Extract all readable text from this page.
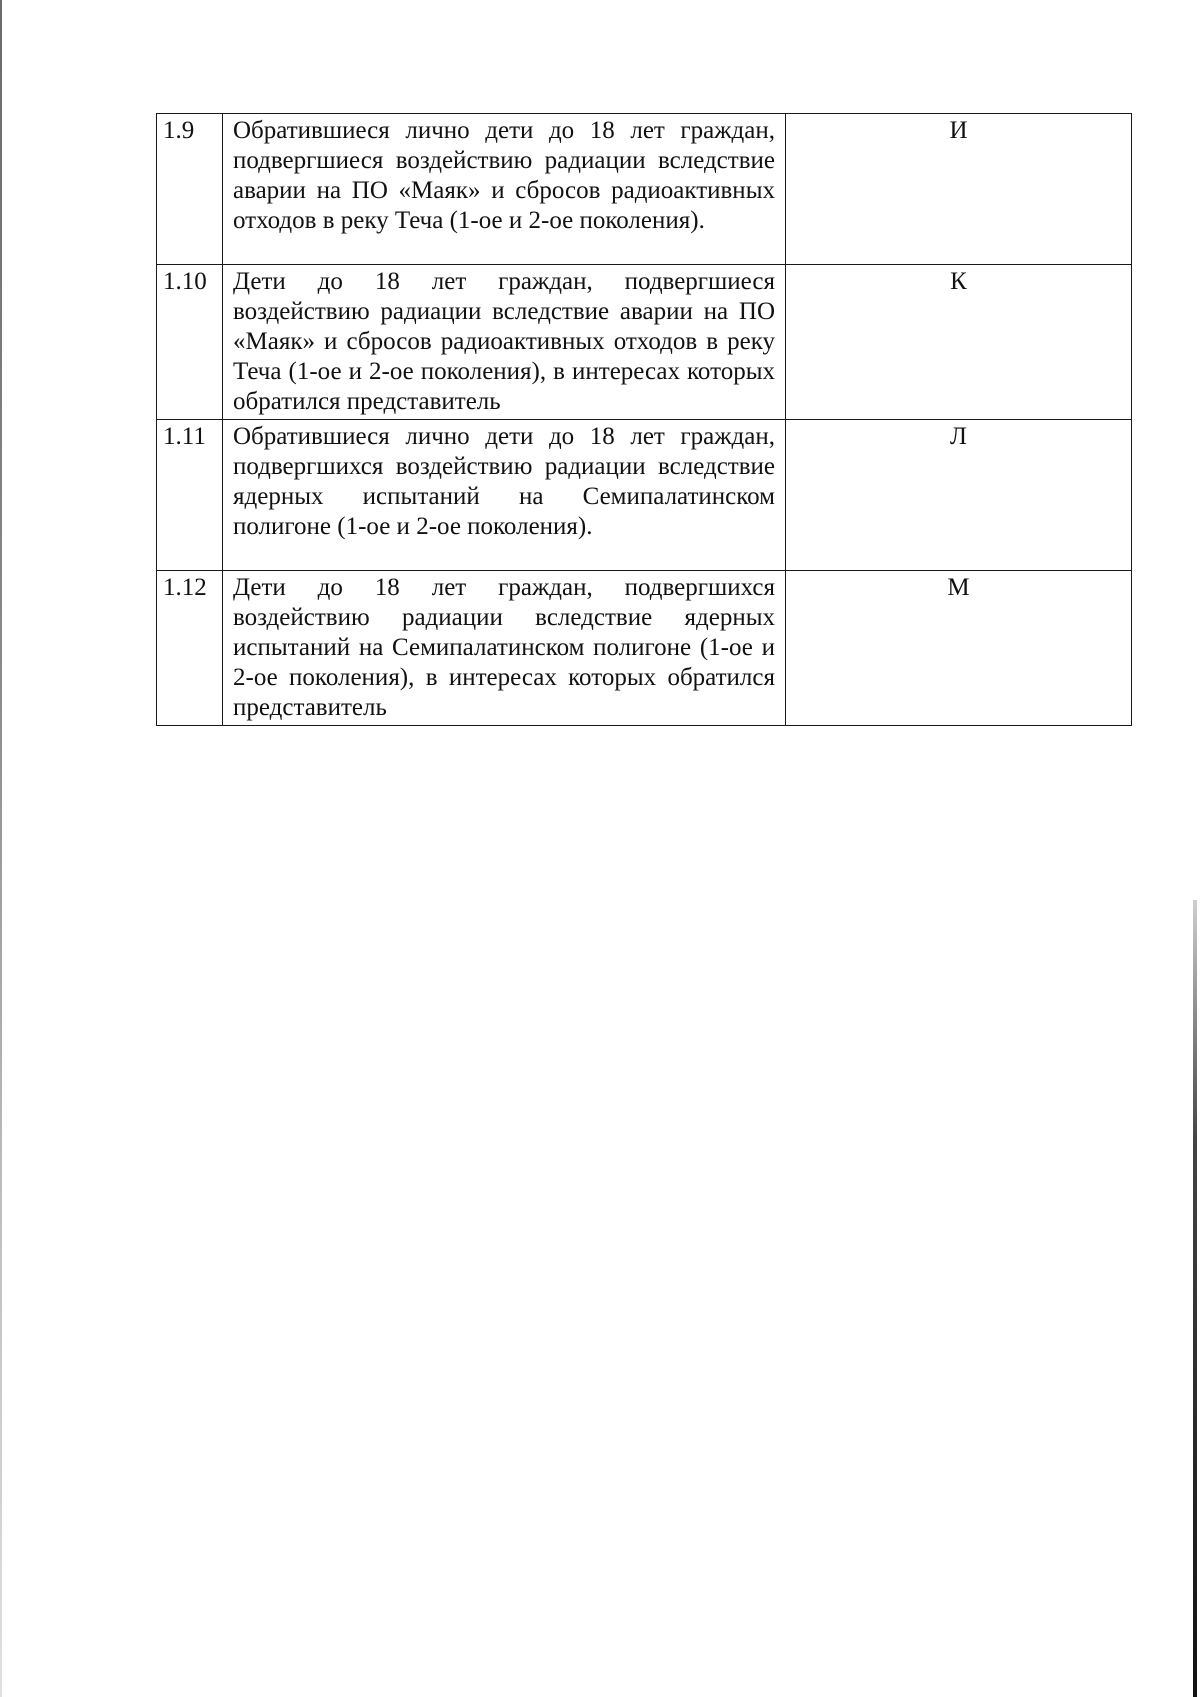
1.9	Обратившиеся лично дети до 18 лет граждан, подвергшиеся воздействию радиации вследствие аварии на ПО «Маяк» и сбросов радиоактивных отходов в реку Теча (1-ое и 2-ое поколения).	И
1.10	Дети до 18 лет граждан, подвергшиеся воздействию радиации вследствие аварии на ПО «Маяк» и сбросов радиоактивных отходов в реку Теча (1-ое и 2-ое поколения), в интересах которых обратился представитель	К
1.11	Обратившиеся лично дети до 18 лет граждан, подвергшихся воздействию радиации вследствие ядерных испытаний на Семипалатинском полигоне (1-ое и 2-ое поколения).	Л
1.12	Дети до 18 лет граждан, подвергшихся воздействию радиации вследствие ядерных испытаний на Семипалатинском полигоне (1-ое и 2-ое поколения), в интересах которых обратился представитель	М
